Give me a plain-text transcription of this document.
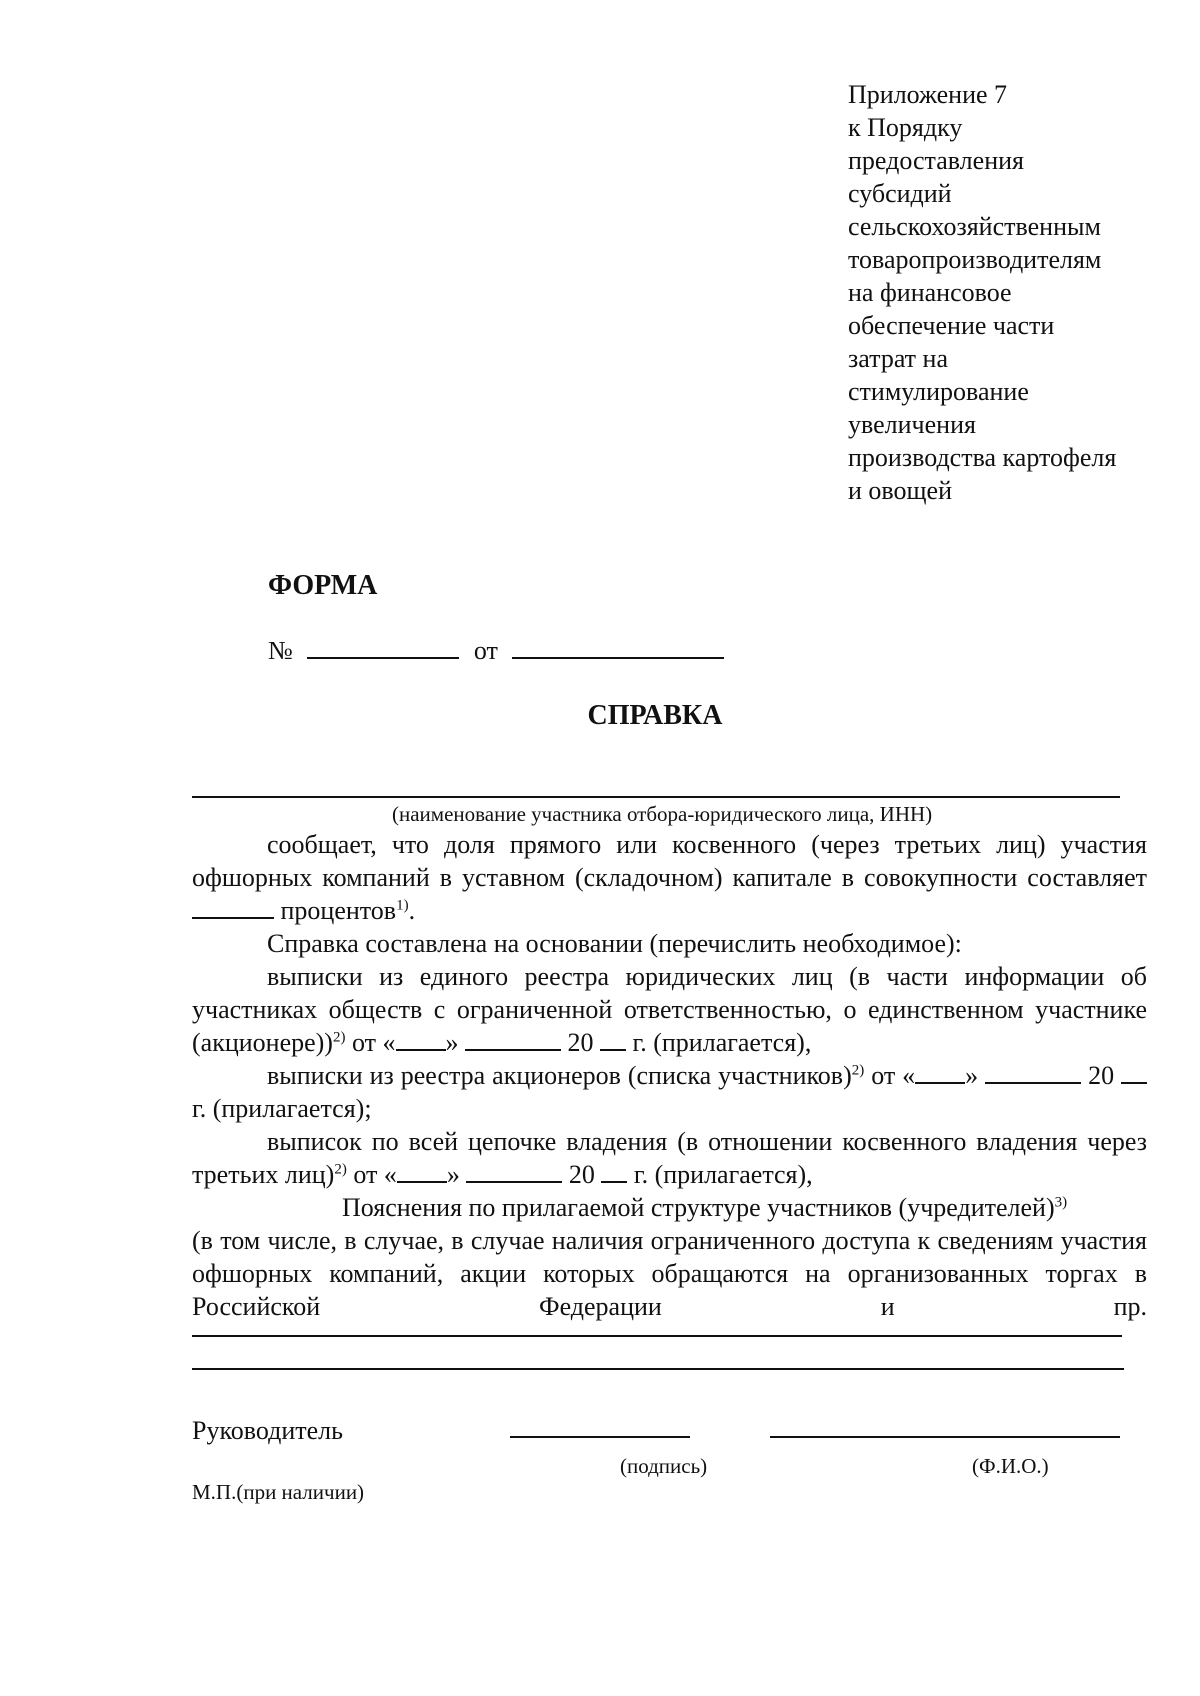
Приложение 7
к Порядку
предоставления
субсидий
сельскохозяйственным
товаропроизводителям
на финансовое
обеспечение части
затрат на
стимулирование
увеличения
производства картофеля
и овощей
ФОРМА
№	от
СПРАВКА
(наименование участника отбора-юридического лица, ИНН)

сообщает, что доля прямого или косвенного (через третьих лиц) участия офшорных компаний в уставном (складочном) капитале в совокупности составляет  процентов$^{1)}$.

Справка составлена на основании (перечислить необходимое):

выписки из единого реестра юридических лиц (в части информации об участниках обществ с ограниченной ответственностью, о единственном участнике (акционере))$^{2)}$ от « »	20 г. (прилагается),

выписки из реестра акционеров (списка участников)$^{2)}$ от « »	20  г. (прилагается);

выписок по всей цепочке владения (в отношении косвенного владения через третьих лиц)$^{2)}$ от « »	20 г. (прилагается),

Пояснения по прилагаемой структуре участников (учредителей)$^{3)}$

(в том числе, в случае, в случае наличия ограниченного доступа к сведениям участия офшорных компаний, акции которых обращаются на организованных торгах в Российской Федерации и пр.

Руководитель
(подпись)	(Ф.И.О.)
М.П.(при наличии)
